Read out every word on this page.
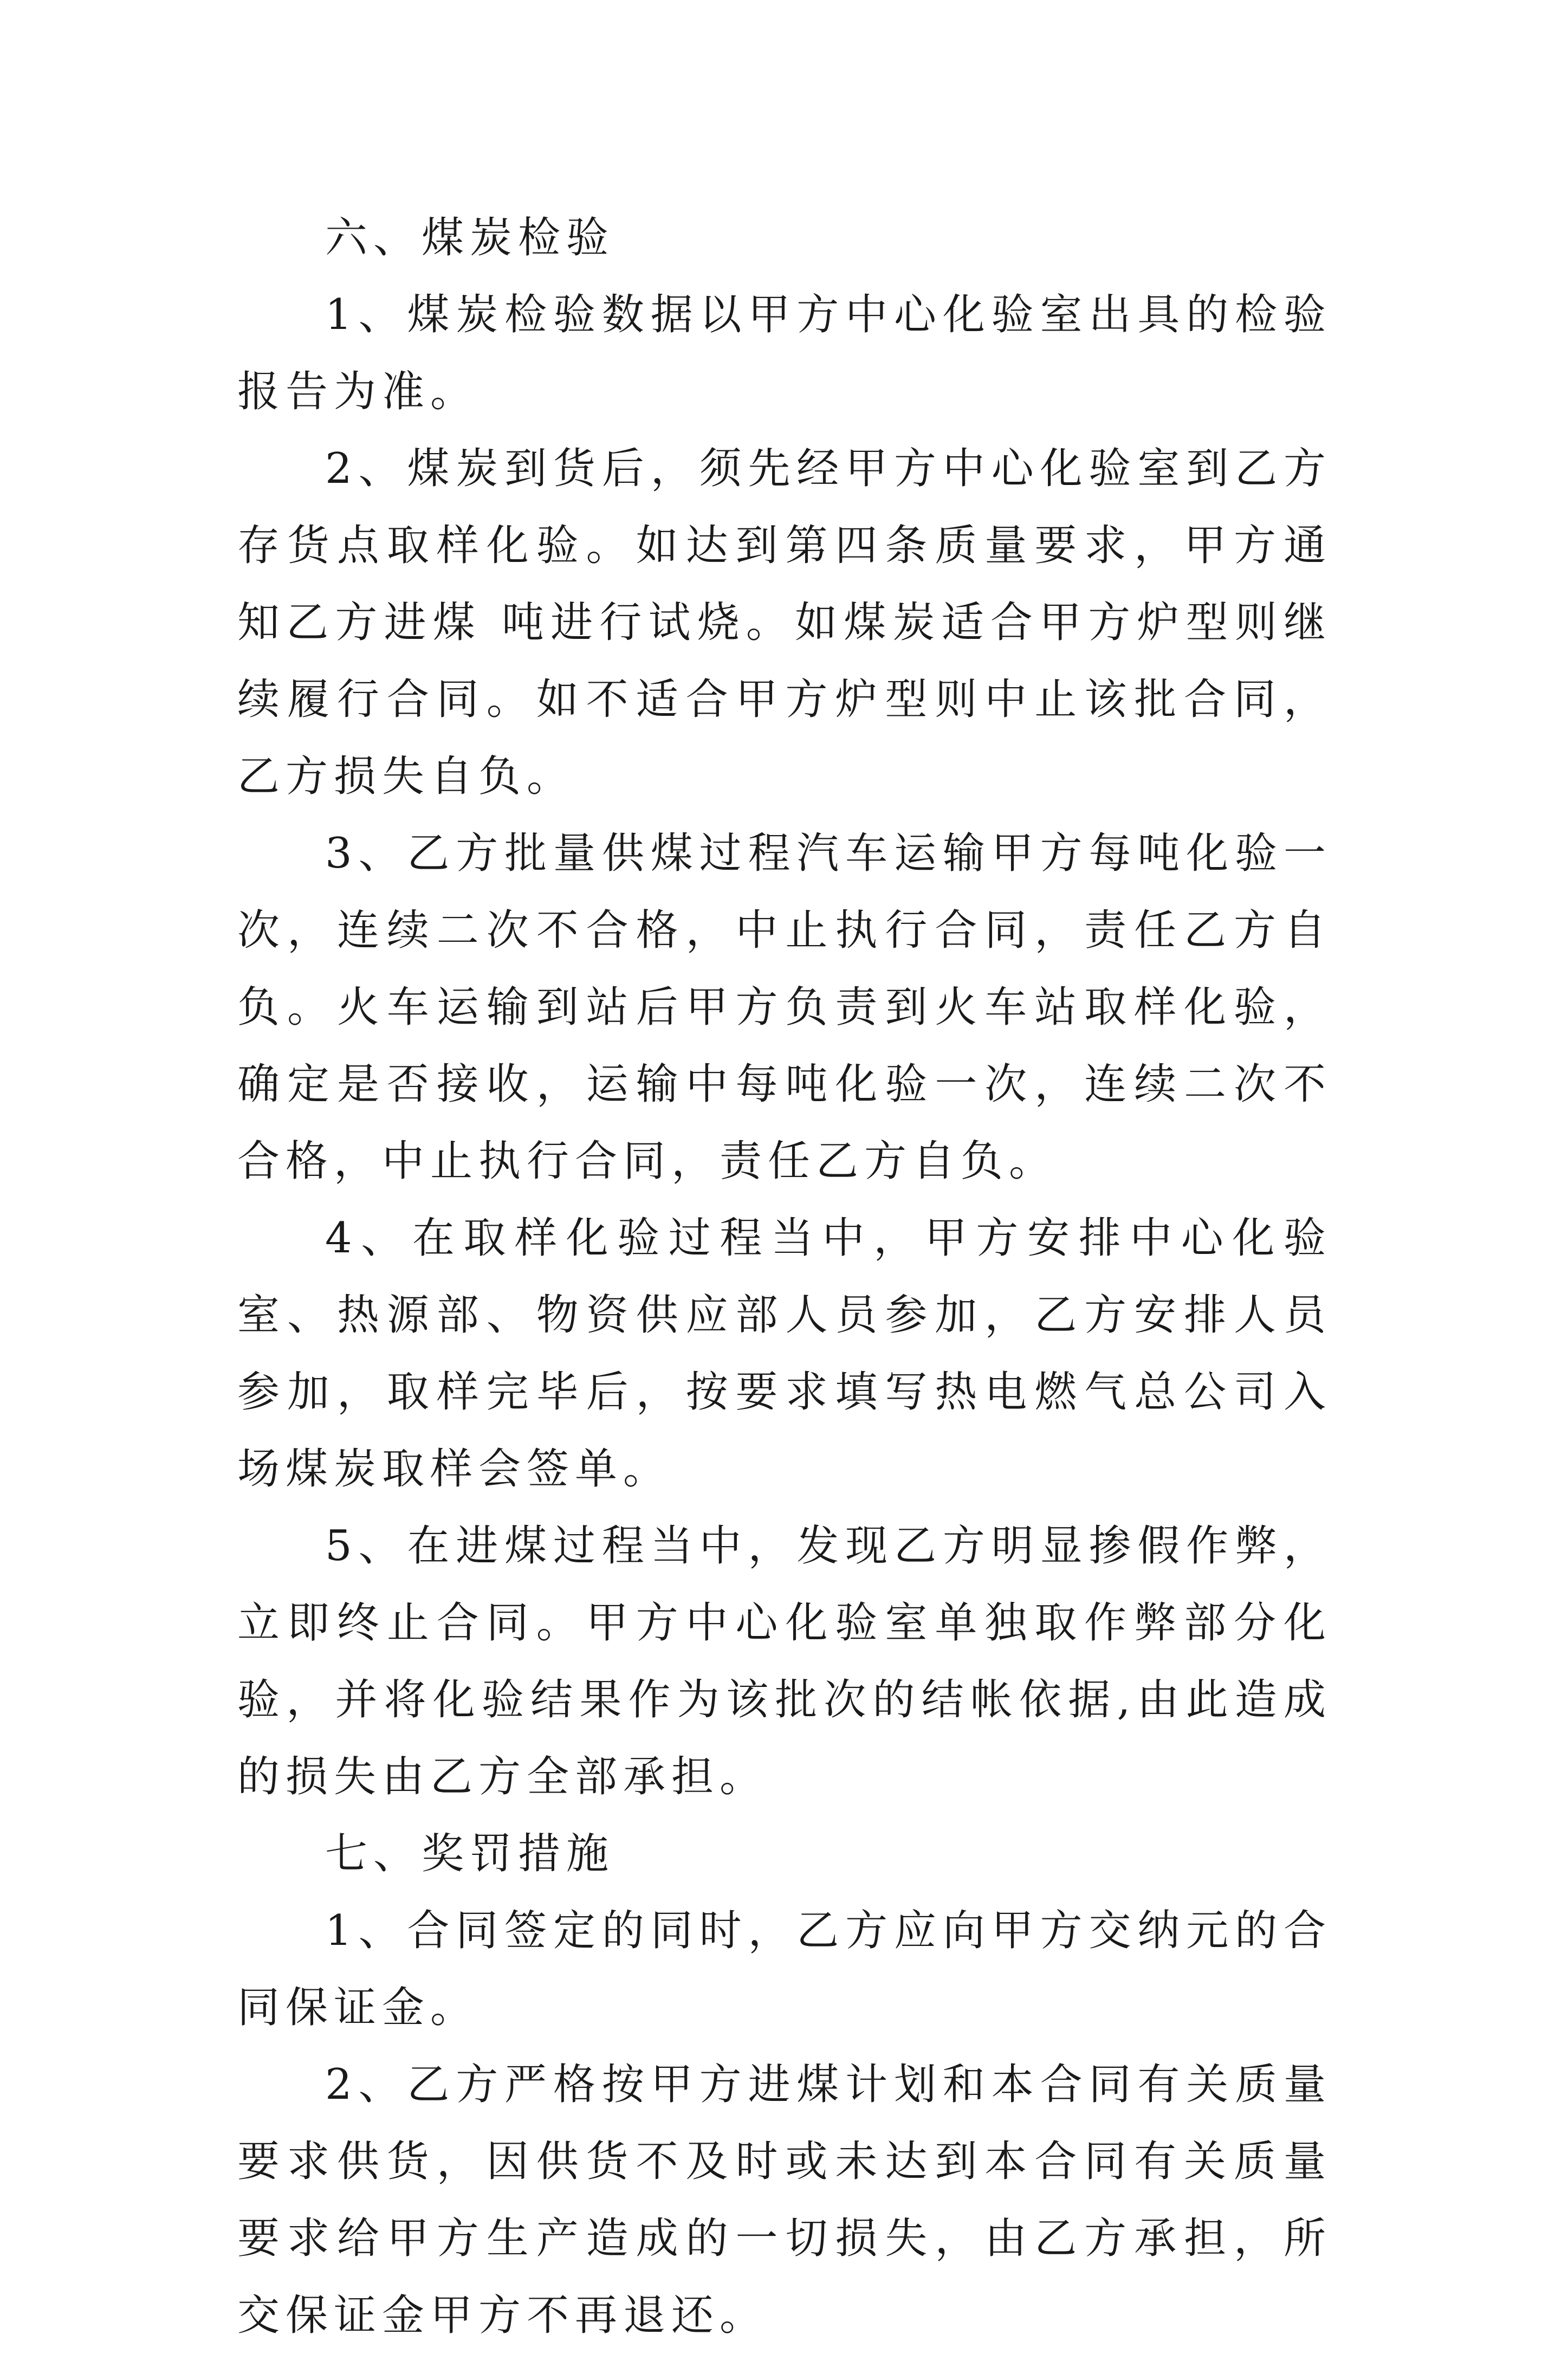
六、煤炭检验

1、煤炭检验数据以甲方中心化验室出具的检验报告为准。

2、煤炭到货后，须先经甲方中心化验室到乙方存货点取样化验。如达到第四条质量要求，甲方通知乙方进煤 吨进行试烧。如煤炭适合甲方炉型则继续履行合同。如不适合甲方炉型则中止该批合同，乙方损失自负。

3、乙方批量供煤过程汽车运输甲方每吨化验一次，连续二次不合格，中止执行合同，责任乙方自负。火车运输到站后甲方负责到火车站取样化验，确定是否接收，运输中每吨化验一次，连续二次不合格，中止执行合同，责任乙方自负。

4、在取样化验过程当中，甲方安排中心化验室、热源部、物资供应部人员参加，乙方安排人员参加，取样完毕后，按要求填写热电燃气总公司入场煤炭取样会签单。

5、在进煤过程当中，发现乙方明显掺假作弊，立即终止合同。甲方中心化验室单独取作弊部分化验，并将化验结果作为该批次的结帐依据,由此造成的损失由乙方全部承担。

七、奖罚措施

1、合同签定的同时，乙方应向甲方交纳元的合同保证金。

2、乙方严格按甲方进煤计划和本合同有关质量要求供货，因供货不及时或未达到本合同有关质量要求给甲方生产造成的一切损失，由乙方承担，所交保证金甲方不再退还。
